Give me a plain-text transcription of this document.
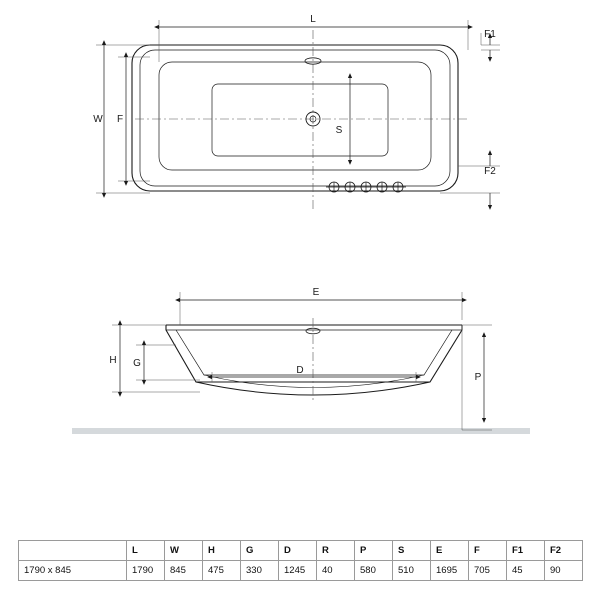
L
F1
W F
F2
S
E
H G
D
P
	L	W	H	G	D	R	P	S	E	F	F1	F2
1790 x 845	1790	845	475	330	1245	40	580	510	1695	705	45	90
